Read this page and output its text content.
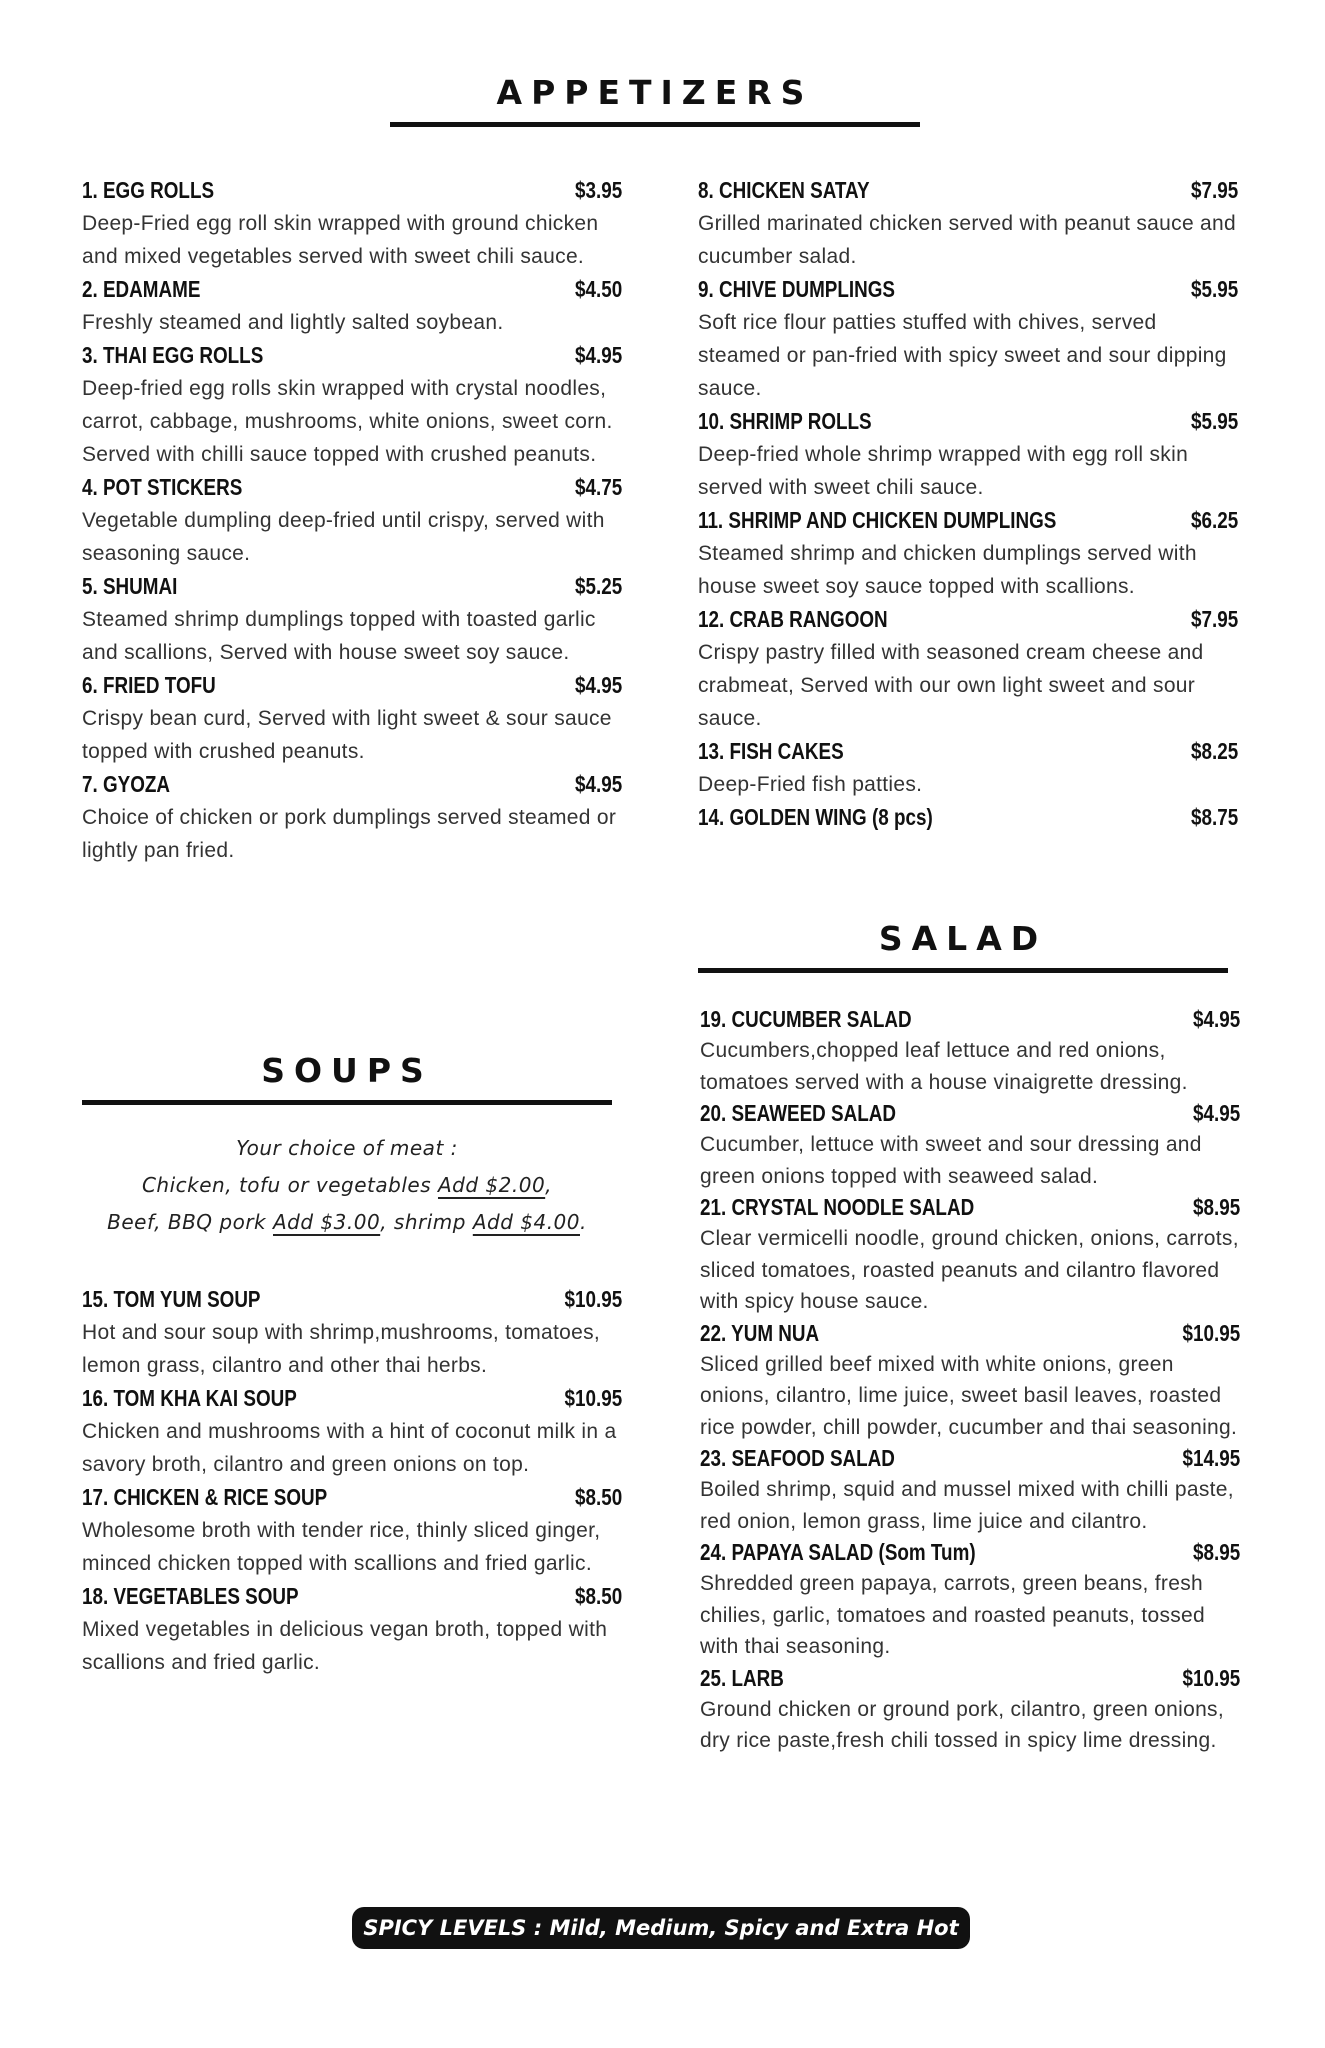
APPETIZERS
1. EGG ROLLS	$3.95
Deep-Fried egg roll skin wrapped with ground chicken and mixed vegetables served with sweet chili sauce.
2. EDAMAME	$4.50
Freshly steamed and lightly salted soybean.
3. THAI EGG ROLLS	$4.95
Deep-fried egg rolls skin wrapped with crystal noodles, carrot, cabbage, mushrooms, white onions, sweet corn. Served with chilli sauce topped with crushed peanuts.
4. POT STICKERS	$4.75
Vegetable dumpling deep-fried until crispy, served with seasoning sauce.
5. SHUMAI	$5.25
Steamed shrimp dumplings topped with toasted garlic and scallions, Served with house sweet soy sauce.
6. FRIED TOFU	$4.95
Crispy bean curd, Served with light sweet & sour sauce topped with crushed peanuts.
7. GYOZA	$4.95
Choice of chicken or pork dumplings served steamed or lightly pan fried.
8. CHICKEN SATAY	$7.95
Grilled marinated chicken served with peanut sauce and cucumber salad.
9. CHIVE DUMPLINGS	$5.95
Soft rice flour patties stuffed with chives, served steamed or pan-fried with spicy sweet and sour dipping sauce.
10. SHRIMP ROLLS	$5.95
Deep-fried whole shrimp wrapped with egg roll skin served with sweet chili sauce.
11. SHRIMP AND CHICKEN DUMPLINGS	$6.25
Steamed shrimp and chicken dumplings served with house sweet soy sauce topped with scallions.
12. CRAB RANGOON	$7.95
Crispy pastry filled with seasoned cream cheese and crabmeat, Served with our own light sweet and sour sauce.
13. FISH CAKES	$8.25
Deep-Fried fish patties.
14. GOLDEN WING (8 pcs)	$8.75
SOUPS
Your choice of meat :
Chicken, tofu or vegetables Add $2.00,
Beef, BBQ pork Add $3.00, shrimp Add $4.00.
15. TOM YUM SOUP	$10.95
Hot and sour soup with shrimp,mushrooms, tomatoes, lemon grass, cilantro and other thai herbs.
16. TOM KHA KAI SOUP	$10.95
Chicken and mushrooms with a hint of coconut milk in a savory broth, cilantro and green onions on top.
17. CHICKEN & RICE SOUP	$8.50
Wholesome broth with tender rice, thinly sliced ginger, minced chicken topped with scallions and fried garlic.
18. VEGETABLES SOUP	$8.50
Mixed vegetables in delicious vegan broth, topped with scallions and fried garlic.
SALAD
19. CUCUMBER SALAD	$4.95
Cucumbers,chopped leaf lettuce and red onions, tomatoes served with a house vinaigrette dressing.
20. SEAWEED SALAD	$4.95
Cucumber, lettuce with sweet and sour dressing and green onions topped with seaweed salad.
21. CRYSTAL NOODLE SALAD	$8.95
Clear vermicelli noodle, ground chicken, onions, carrots, sliced tomatoes, roasted peanuts and cilantro flavored with spicy house sauce.
22. YUM NUA	$10.95
Sliced grilled beef mixed with white onions, green onions, cilantro, lime juice, sweet basil leaves, roasted rice powder, chill powder, cucumber and thai seasoning.
23. SEAFOOD SALAD	$14.95
Boiled shrimp, squid and mussel mixed with chilli paste, red onion, lemon grass, lime juice and cilantro.
24. PAPAYA SALAD (Som Tum)	$8.95
Shredded green papaya, carrots, green beans, fresh chilies, garlic, tomatoes and roasted peanuts, tossed with thai seasoning.
25. LARB	$10.95
Ground chicken or ground pork, cilantro, green onions, dry rice paste,fresh chili tossed in spicy lime dressing.
SPICY LEVELS : Mild, Medium, Spicy and Extra Hot
